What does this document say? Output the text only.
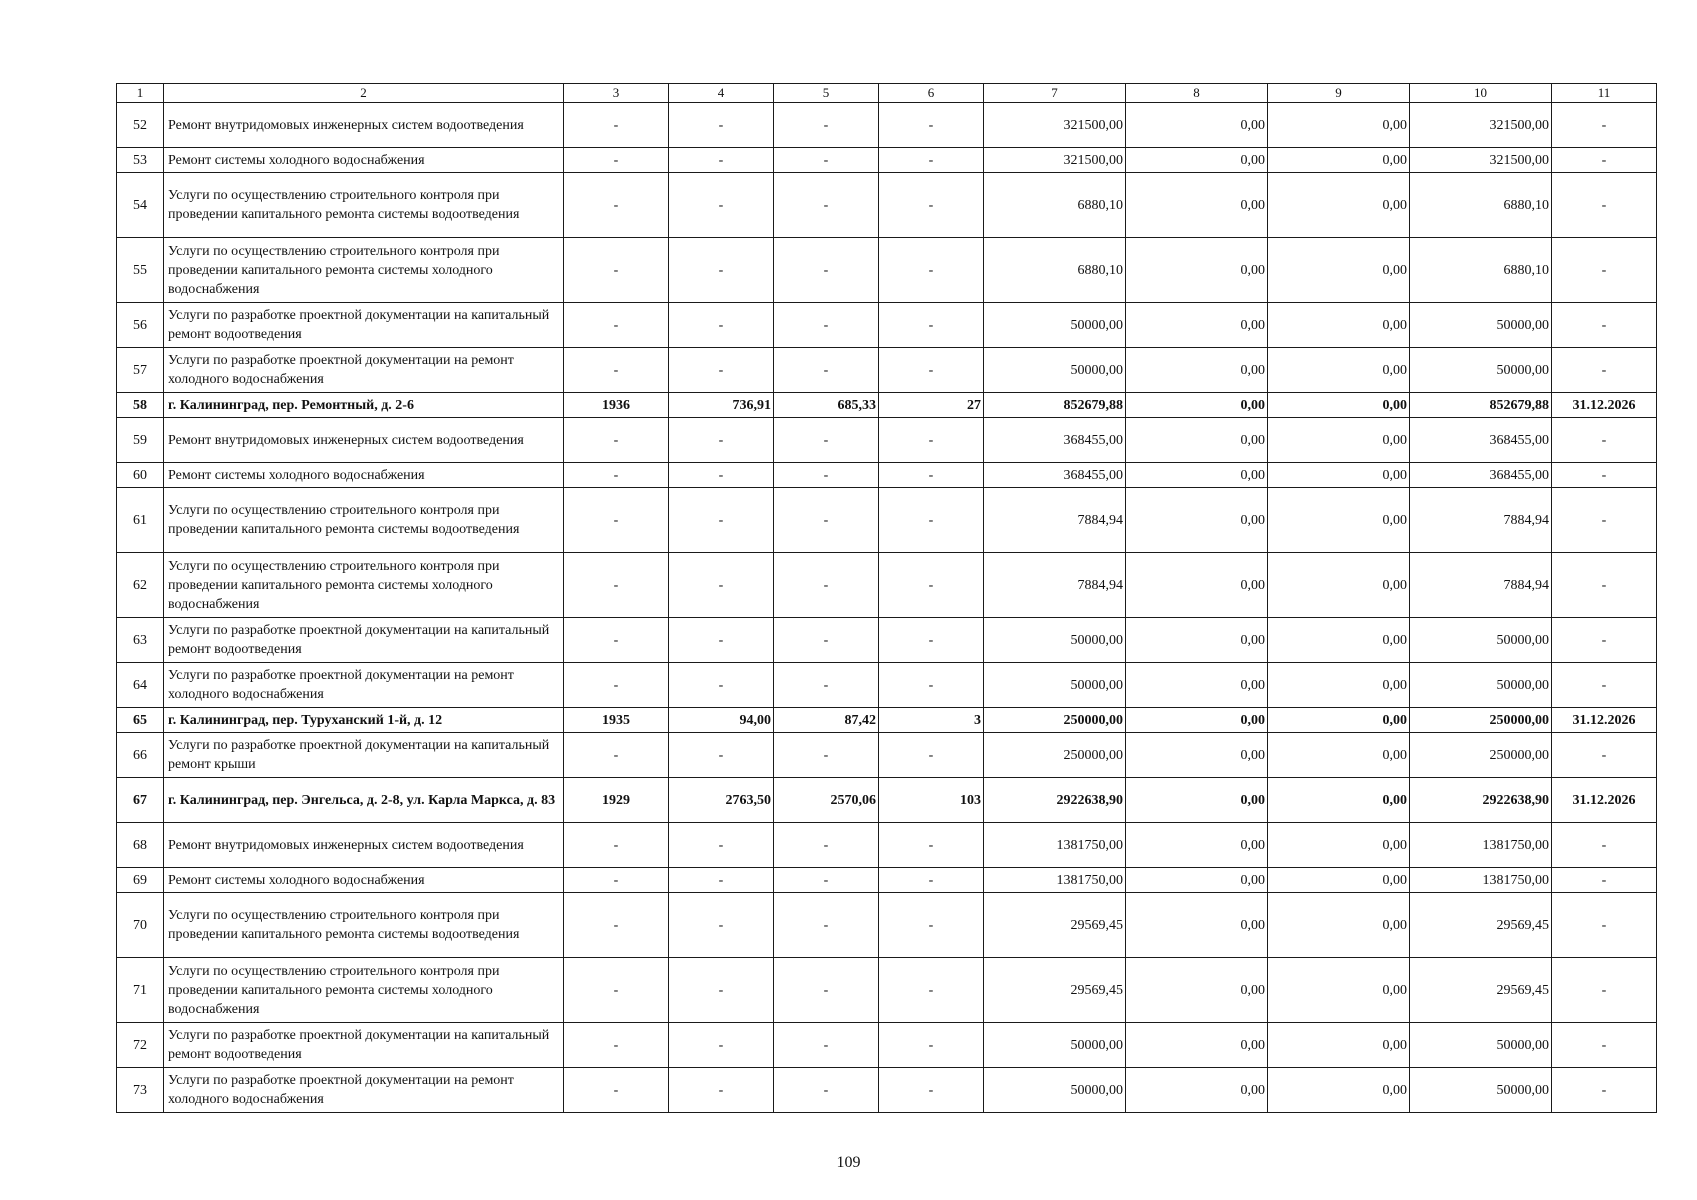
1	2	3	4	5	6	7	8	9	10	11
52	Ремонт внутридомовых инженерных систем водоотведения	-	-	-	-	321500,00	0,00	0,00	321500,00	-
53	Ремонт системы холодного водоснабжения	-	-	-	-	321500,00	0,00	0,00	321500,00	-
54	Услуги по осуществлению строительного контроля при проведении капитального ремонта системы водоотведения	-	-	-	-	6880,10	0,00	0,00	6880,10	-
55	Услуги по осуществлению строительного контроля при проведении капитального ремонта системы холодного водоснабжения	-	-	-	-	6880,10	0,00	0,00	6880,10	-
56	Услуги по разработке проектной документации на капитальный ремонт водоотведения	-	-	-	-	50000,00	0,00	0,00	50000,00	-
57	Услуги по разработке проектной документации на ремонт холодного водоснабжения	-	-	-	-	50000,00	0,00	0,00	50000,00	-
58	г. Калининград, пер. Ремонтный, д. 2-6	1936	736,91	685,33	27	852679,88	0,00	0,00	852679,88	31.12.2026
59	Ремонт внутридомовых инженерных систем водоотведения	-	-	-	-	368455,00	0,00	0,00	368455,00	-
60	Ремонт системы холодного водоснабжения	-	-	-	-	368455,00	0,00	0,00	368455,00	-
61	Услуги по осуществлению строительного контроля при проведении капитального ремонта системы водоотведения	-	-	-	-	7884,94	0,00	0,00	7884,94	-
62	Услуги по осуществлению строительного контроля при проведении капитального ремонта системы холодного водоснабжения	-	-	-	-	7884,94	0,00	0,00	7884,94	-
63	Услуги по разработке проектной документации на капитальный ремонт водоотведения	-	-	-	-	50000,00	0,00	0,00	50000,00	-
64	Услуги по разработке проектной документации на ремонт холодного водоснабжения	-	-	-	-	50000,00	0,00	0,00	50000,00	-
65	г. Калининград, пер. Туруханский 1-й, д. 12	1935	94,00	87,42	3	250000,00	0,00	0,00	250000,00	31.12.2026
66	Услуги по разработке проектной документации на капитальный ремонт крыши	-	-	-	-	250000,00	0,00	0,00	250000,00	-
67	г. Калининград, пер. Энгельса, д. 2-8, ул. Карла Маркса, д. 83	1929	2763,50	2570,06	103	2922638,90	0,00	0,00	2922638,90	31.12.2026
68	Ремонт внутридомовых инженерных систем водоотведения	-	-	-	-	1381750,00	0,00	0,00	1381750,00	-
69	Ремонт системы холодного водоснабжения	-	-	-	-	1381750,00	0,00	0,00	1381750,00	-
70	Услуги по осуществлению строительного контроля при проведении капитального ремонта системы водоотведения	-	-	-	-	29569,45	0,00	0,00	29569,45	-
71	Услуги по осуществлению строительного контроля при проведении капитального ремонта системы холодного водоснабжения	-	-	-	-	29569,45	0,00	0,00	29569,45	-
72	Услуги по разработке проектной документации на капитальный ремонт водоотведения	-	-	-	-	50000,00	0,00	0,00	50000,00	-
73	Услуги по разработке проектной документации на ремонт холодного водоснабжения	-	-	-	-	50000,00	0,00	0,00	50000,00	-
109
